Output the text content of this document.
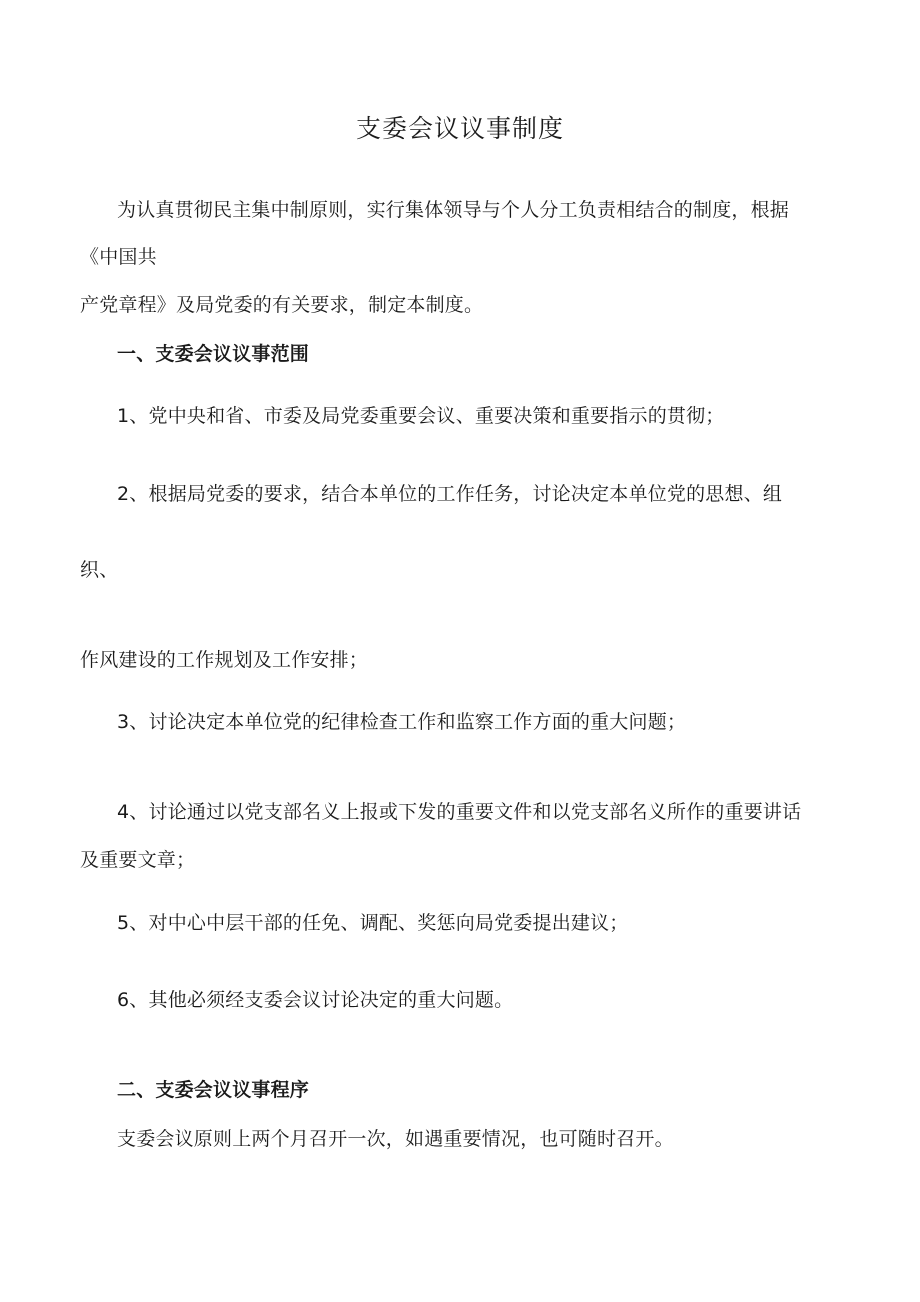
支委会议议事制度
为认真贯彻民主集中制原则，实行集体领导与个人分工负责相结合的制度，根据
《中国共
产党章程》及局党委的有关要求，制定本制度。
一、支委会议议事范围
1、党中央和省、市委及局党委重要会议、重要决策和重要指示的贯彻；
2、根据局党委的要求，结合本单位的工作任务，讨论决定本单位党的思想、组
织、
作风建设的工作规划及工作安排；
3、讨论决定本单位党的纪律检查工作和监察工作方面的重大问题；
4、讨论通过以党支部名义上报或下发的重要文件和以党支部名义所作的重要讲话
及重要文章；
5、对中心中层干部的任免、调配、奖惩向局党委提出建议；
6、其他必须经支委会议讨论决定的重大问题。
二、支委会议议事程序
支委会议原则上两个月召开一次，如遇重要情况，也可随时召开。
